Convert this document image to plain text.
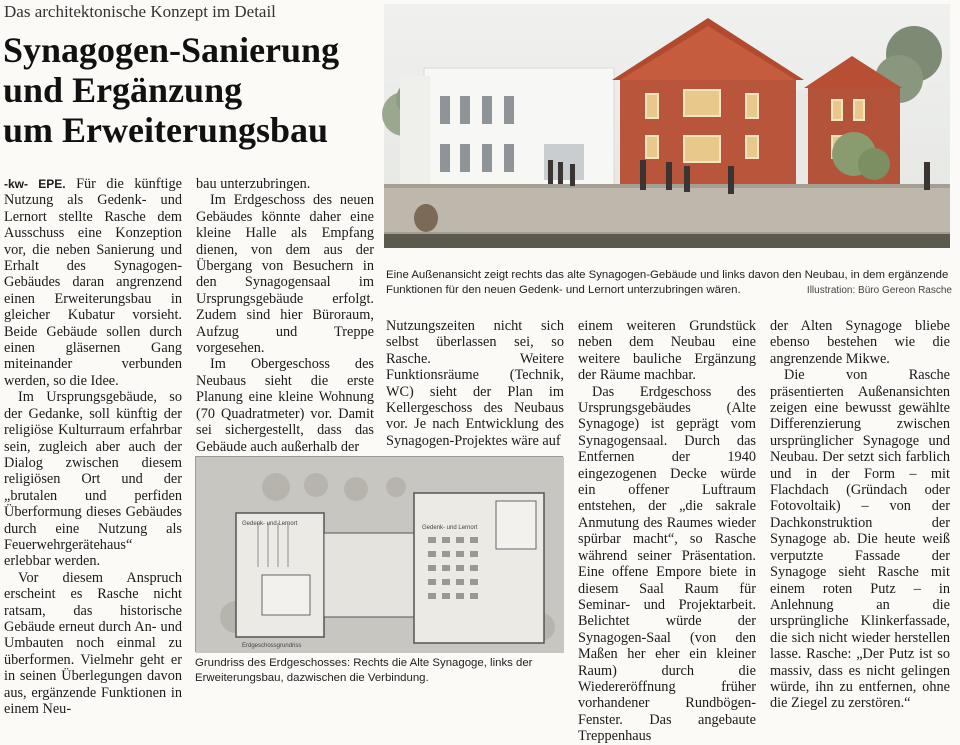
Das architektonische Konzept im Detail
Synagogen-Sanierung
und Ergänzung
um Erweiterungsbau
Eine Außenansicht zeigt rechts das alte Synagogen-Gebäude und links davon den Neubau, in dem ergänzende Funktionen für den neuen Gedenk- und Lernort unterzubringen wären.	Illustration: Büro Gereon Rasche

-kw- EPE. Für die künftige Nutzung als Gedenk- und Lernort stellte Rasche dem Ausschuss eine Konzeption vor, die neben Sanierung und Erhalt des Synagogen-Gebäudes daran angrenzend einen Erweiterungsbau in gleicher Kubatur vorsieht. Beide Gebäude sollen durch einen gläsernen Gang miteinander verbunden werden, so die Idee.

Im Ursprungsgebäude, so der Gedanke, soll künftig der religiöse Kulturraum erfahrbar sein, zugleich aber auch der Dialog zwischen diesem religiösen Ort und der „brutalen und perfiden Überformung dieses Gebäudes durch eine Nutzung als Feuerwehrgerätehaus“ erlebbar werden.

Vor diesem Anspruch erscheint es Rasche nicht ratsam, das historische Gebäude erneut durch An- und Umbauten noch einmal zu überformen. Vielmehr geht er in seinen Überlegungen davon aus, ergänzende Funktionen in einem Neu-

bau unterzubringen.

Im Erdgeschoss des neuen Gebäudes könnte daher eine kleine Halle als Empfang dienen, von dem aus der Übergang von Besuchern in den Synagogensaal im Ursprungsgebäude erfolgt. Zudem sind hier Büroraum, Aufzug und Treppe vorgesehen.

Im Obergeschoss des Neubaus sieht die erste Planung eine kleine Wohnung (70 Quadratmeter) vor. Damit sei sichergestellt, dass das Gebäude auch außerhalb der

Nutzungszeiten nicht sich selbst überlassen sei, so Rasche. Weitere Funktionsräume (Technik, WC) sieht der Plan im Kellergeschoss des Neubaus vor. Je nach Entwicklung des Synagogen-Projektes wäre auf

einem weiteren Grundstück neben dem Neubau eine weitere bauliche Ergänzung der Räume machbar.

Das Erdgeschoss des Ursprungsgebäudes (Alte Synagoge) ist geprägt vom Synagogensaal. Durch das Entfernen der 1940 eingezogenen Decke würde ein offener Luftraum entstehen, der „die sakrale Anmutung des Raumes wieder spürbar macht“, so Rasche während seiner Präsentation. Eine offene Empore biete in diesem Saal Raum für Seminar- und Projektarbeit. Belichtet würde der Synagogen-Saal (von den Maßen her eher ein kleiner Raum) durch die Wiedereröffnung früher vorhandener Rundbögen-Fenster. Das angebaute Treppenhaus

der Alten Synagoge bliebe ebenso bestehen wie die angrenzende Mikwe.

Die von Rasche präsentierten Außenansichten zeigen eine bewusst gewählte Differenzierung zwischen ursprünglicher Synagoge und Neubau. Der setzt sich farblich und in der Form – mit Flachdach (Gründach oder Fotovoltaik) – von der Dachkonstruktion der Synagoge ab. Die heute weiß verputzte Fassade der Synagoge sieht Rasche mit einem roten Putz – in Anlehnung an die ursprüngliche Klinkerfassade, die sich nicht wieder herstellen lasse. Rasche: „Der Putz ist so massiv, dass es nicht gelingen würde, ihn zu entfernen, ohne die Ziegel zu zerstören.“

Gedenk- und Lernort
Gedenk- und Lernort
Erdgeschossgrundriss
Grundriss des Erdgeschosses: Rechts die Alte Synagoge, links der Erweiterungsbau, dazwischen die Verbindung.
